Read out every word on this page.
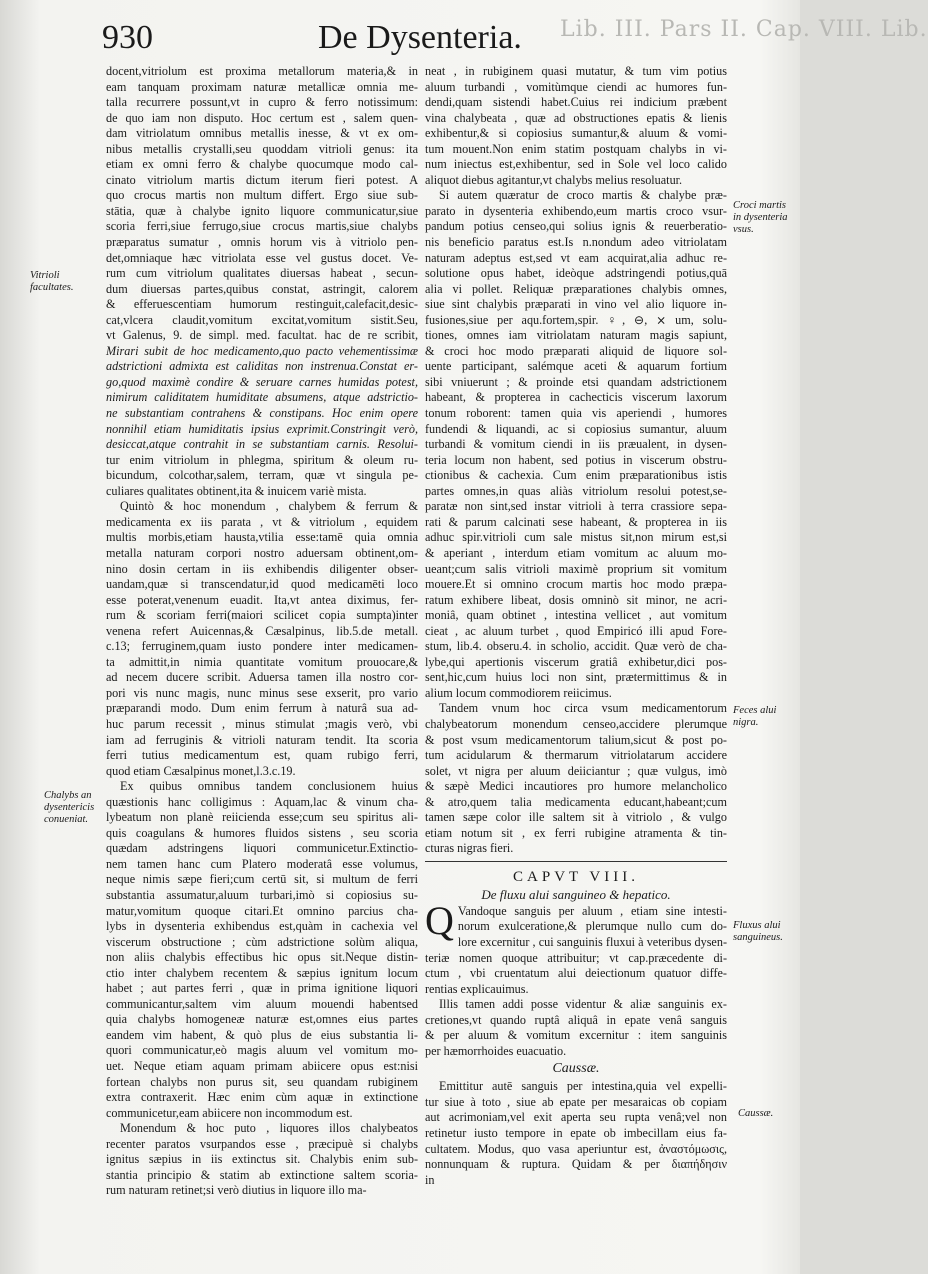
Lib. III. Pars II. Cap. VIII. Lib.
930	De Dysenteria.
Vitrioli facultates.
Chalybs an dysentericis conueniat.
Croci martis in dysenteria vsus.
Feces alui nigra.
Fluxus alui sanguineus.
Caussæ.
docent,vitriolum est proxima metallorum materia,& in
eam tanquam proximam naturæ metallicæ omnia me-
talla recurrere possunt,vt in cupro & ferro notissimum:
de quo iam non disputo. Hoc certum est , salem quen-
dam vitriolatum omnibus metallis inesse, & vt ex om-
nibus metallis crystalli,seu quoddam vitrioli genus: ita
etiam ex omni ferro & chalybe quocumque modo cal-
cinato vitriolum martis dictum iterum fieri potest. A
quo crocus martis non multum differt. Ergo siue sub-
stātia, quæ à chalybe ignito liquore communicatur,siue
scoria ferri,siue ferrugo,siue crocus martis,siue chalybs
præparatus sumatur , omnis horum vis à vitriolo pen-
det,omniaque hæc vitriolata esse vel gustus docet. Ve-
rum cum vitriolum qualitates diuersas habeat , secun-
dum diuersas partes,quibus constat, astringit, calorem
& efferuescentiam humorum restinguit,calefacit,desic-
cat,vlcera claudit,vomitum excitat,vomitum sistit.Seu,
vt Galenus, 9. de simpl. med. facultat. hac de re scribit,
Mirari subit de hoc medicamento,quo pacto vehementissimæ
adstrictioni admixta est caliditas non instrenua.Constat er-
go,quod maximè condire & seruare carnes humidas potest,
nimirum caliditatem humiditate absumens, atque adstrictio-
ne substantiam contrahens & constipans. Hoc enim opere
nonnihil etiam humiditatis ipsius exprimit.Constringit verò,
desiccat,atque contrahit in se substantiam carnis. Resolui-
tur enim vitriolum in phlegma, spiritum & oleum ru-
bicundum, colcothar,salem, terram, quæ vt singula pe-
culiares qualitates obtinent,ita & inuicem variè mista.
Quintò & hoc monendum , chalybem & ferrum &
medicamenta ex iis parata , vt & vitriolum , equidem
multis morbis,etiam hausta,vtilia esse:tamē quia omnia
metalla naturam corpori nostro aduersam obtinent,om-
nino dosin certam in iis exhibendis diligenter obser-
uandam,quæ si transcendatur,id quod medicamēti loco
esse poterat,venenum euadit. Ita,vt antea diximus, fer-
rum & scoriam ferri(maiori scilicet copia sumpta)inter
venena refert Auicennas,& Cæsalpinus, lib.5.de metall.
c.13; ferruginem,quam iusto pondere inter medicamen-
ta admittit,in nimia quantitate vomitum prouocare,&
ad necem ducere scribit. Aduersa tamen illa nostro cor-
pori vis nunc magis, nunc minus sese exserit, pro vario
præparandi modo. Dum enim ferrum à naturâ sua ad-
huc parum recessit , minus stimulat ;magis verò, vbi
iam ad ferruginis & vitrioli naturam tendit. Ita scoria
ferri tutius medicamentum est, quam rubigo ferri,
quod etiam Cæsalpinus monet,l.3.c.19.
Ex quibus omnibus tandem conclusionem huius
quæstionis hanc colligimus : Aquam,lac & vinum cha-
lybeatum non planè reiicienda esse;cum seu spiritus ali-
quis coagulans & humores fluidos sistens , seu scoria
quædam adstringens liquori communicetur.Extinctio-
nem tamen hanc cum Platero moderatâ esse volumus,
neque nimis sæpe fieri;cum certū sit, si multum de ferri
substantia assumatur,aluum turbari,imò si copiosius su-
matur,vomitum quoque citari.Et omnino parcius cha-
lybs in dysenteria exhibendus est,quàm in cachexia vel
viscerum obstructione ; cùm adstrictione solùm aliqua,
non aliis chalybis effectibus hic opus sit.Neque distin-
ctio inter chalybem recentem & sæpius ignitum locum
habet ; aut partes ferri , quæ in prima ignitione liquori
communicantur,saltem vim aluum mouendi habentsed
quia chalybs homogeneæ naturæ est,omnes eius partes
eandem vim habent, & quò plus de eius substantia li-
quori communicatur,eò magis aluum vel vomitum mo-
uet. Neque etiam aquam primam abiicere opus est:nisi
fortean chalybs non purus sit, seu quandam rubiginem
extra contraxerit. Hæc enim cùm aquæ in extinctione
communicetur,eam abiicere non incommodum est.
Monendum & hoc puto , liquores illos chalybeatos
recenter paratos vsurpandos esse , præcipuè si chalybs
ignitus sæpius in iis extinctus sit. Chalybis enim sub-
stantia principio & statim ab extinctione saltem scoria-
rum naturam retinet;si verò diutius in liquore illo ma-
neat , in rubiginem quasi mutatur, & tum vim potius
aluum turbandi , vomitùmque ciendi ac humores fun-
dendi,quam sistendi habet.Cuius rei indicium præbent
vina chalybeata , quæ ad obstructiones epatis & lienis
exhibentur,& si copiosius sumantur,& aluum & vomi-
tum mouent.Non enim statim postquam chalybs in vi-
num iniectus est,exhibentur, sed in Sole vel loco calido
aliquot diebus agitantur,vt chalybs melius resoluatur.
Si autem quæratur de croco martis & chalybe præ-
parato in dysenteria exhibendo,eum martis croco vsur-
pandum potius censeo,qui solius ignis & reuerberatio-
nis beneficio paratus est.Is n.nondum adeo vitriolatam
naturam adeptus est,sed vt eam acquirat,alia adhuc re-
solutione opus habet, ideòque adstringendi potius,quā
alia vi pollet. Reliquæ præparationes chalybis omnes,
siue sint chalybis præparati in vino vel alio liquore in-
fusiones,siue per aqu.fortem,spir. ♀, ⊖, ⨯ um, solu-
tiones, omnes iam vitriolatam naturam magis sapiunt,
& croci hoc modo præparati aliquid de liquore sol-
uente participant, salémque aceti & aquarum fortium
sibi vniuerunt ; & proinde etsi quandam adstrictionem
habeant, & propterea in cachecticis viscerum laxorum
tonum roborent: tamen quia vis aperiendi , humores
fundendi & liquandi, ac si copiosius sumantur, aluum
turbandi & vomitum ciendi in iis præualent, in dysen-
teria locum non habent, sed potius in viscerum obstru-
ctionibus & cachexia. Cum enim præparationibus istis
partes omnes,in quas aliàs vitriolum resolui potest,se-
paratæ non sint,sed instar vitrioli à terra crassiore sepa-
rati & parum calcinati sese habeant, & propterea in iis
adhuc spir.vitrioli cum sale mistus sit,non mirum est,si
& aperiant , interdum etiam vomitum ac aluum mo-
ueant;cum salis vitrioli maximè proprium sit vomitum
mouere.Et si omnino crocum martis hoc modo præpa-
ratum exhibere libeat, dosis omninò sit minor, ne acri-
moniâ, quam obtinet , intestina vellicet , aut vomitum
cieat , ac aluum turbet , quod Empiricó illi apud Fore-
stum, lib.4. obseru.4. in scholio, accidit. Quæ verò de cha-
lybe,qui apertionis viscerum gratiâ exhibetur,dici pos-
sent,hic,cum huius loci non sint, prætermittimus & in
alium locum commodiorem reiicimus.
Tandem vnum hoc circa vsum medicamentorum
chalybeatorum monendum censeo,accidere plerumque
& post vsum medicamentorum talium,sicut & post po-
tum acidularum & thermarum vitriolatarum accidere
solet, vt nigra per aluum deiiciantur ; quæ vulgus, imò
& sæpè Medici incautiores pro humore melancholico
& atro,quem talia medicamenta educant,habeant;cum
tamen sæpe color ille saltem sit à vitriolo , & vulgo
etiam notum sit , ex ferri rubigine atramenta & tin-
cturas nigras fieri.
CAPVT VIII.
De fluxu alui sanguineo & hepatico.
Q Vandoque sanguis per aluum , etiam sine intesti-
norum exulceratione,& plerumque nullo cum do-
lore excernitur , cui sanguinis fluxui à veteribus dysen-
teriæ nomen quoque attribuitur; vt cap.præcedente di-
ctum , vbi cruentatum alui deiectionum quatuor diffe-
rentias explicauimus.
Illis tamen addi posse videntur & aliæ sanguinis ex-
cretiones,vt quando ruptâ aliquâ in epate venâ sanguis
& per aluum & vomitum excernitur : item sanguinis
per hæmorrhoides euacuatio.
Caussæ.
Emittitur autē sanguis per intestina,quia vel expelli-
tur siue à toto , siue ab epate per mesaraicas ob copiam
aut acrimoniam,vel exit aperta seu rupta venâ;vel non
retinetur iusto tempore in epate ob imbecillam eius fa-
cultatem. Modus, quo vasa aperiuntur est, ἀναστόμωσις,
nonnunquam & ruptura. Quidam & per διαπήδησιν
in
